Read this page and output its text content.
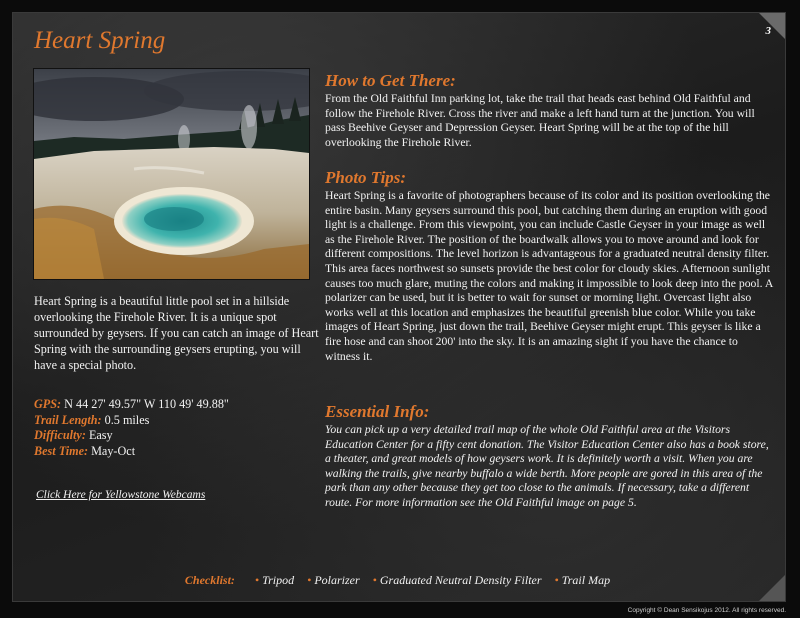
3
Heart Spring

Heart Spring is a beautiful little pool set in a hillside overlooking the Firehole River. It is a unique spot surrounded by geysers. If you can catch an image of Heart Spring with the surrounding geysers erupting, you will have a special photo.

GPS: N 44 27' 49.57" W 110 49' 49.88"
Trail Length: 0.5 miles
Difficulty: Easy
Best Time: May-Oct
Click Here for Yellowstone Webcams
How to Get There:

From the Old Faithful Inn parking lot, take the trail that heads east behind Old Faithful and follow the Firehole River. Cross the river and make a left hand turn at the junction. You will pass Beehive Geyser and Depression Geyser. Heart Spring will be at the top of the hill overlooking the Firehole River.

Photo Tips:

Heart Spring is a favorite of photographers because of its color and its position overlooking the entire basin. Many geysers surround this pool, but catching them during an eruption with good light is a challenge. From this viewpoint, you can include Castle Geyser in your image as well as the Firehole River. The position of the boardwalk allows you to move around and look for different compositions. The level horizon is advantageous for a graduated neutral density filter. This area faces northwest so sunsets provide the best color for cloudy skies. Afternoon sunlight causes too much glare, muting the colors and making it impossible to look deep into the pool. A polarizer can be used, but it is better to wait for sunset or morning light. Overcast light also works well at this location and emphasizes the beautiful greenish blue color. While you take images of Heart Spring, just down the trail, Beehive Geyser might erupt. This geyser is like a fire hose and can shoot 200' into the sky. It is an amazing sight if you have the chance to witness it.

Essential Info:

You can pick up a very detailed trail map of the whole Old Faithful area at the Visitors Education Center for a fifty cent donation. The Visitor Education Center also has a book store, a theater, and great models of how geysers work. It is definitely worth a visit. When you are walking the trails, give nearby buffalo a wide berth. More people are gored in this area of the park than any other because they get too close to the animals. If necessary, take a different route. For more information see the Old Faithful image on page 5.

Checklist: • Tripod • Polarizer • Graduated Neutral Density Filter • Trail Map
Copyright © Dean Sensikojus 2012. All rights reserved.
